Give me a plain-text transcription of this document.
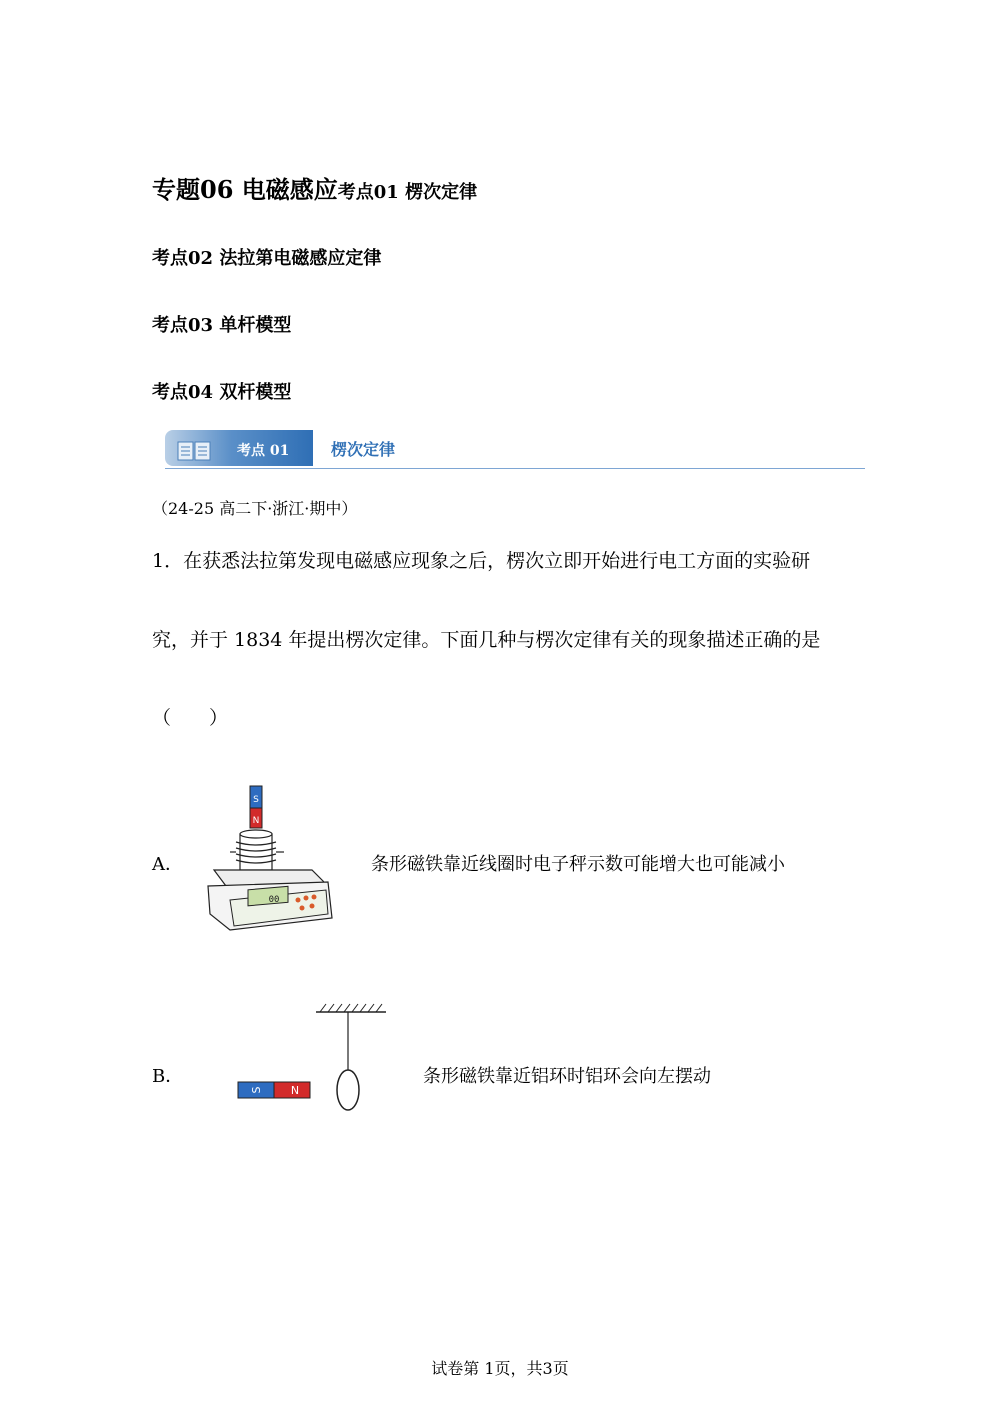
专题06 电磁感应考点01 楞次定律
考点02 法拉第电磁感应定律
考点03 单杆模型
考点04 双杆模型
考点 01	楞次定律
（24-25 高二下·浙江·期中）
1．在获悉法拉第发现电磁感应现象之后，楞次立即开始进行电工方面的实验研
究，并于 1834 年提出楞次定律。下面几种与楞次定律有关的现象描述正确的是
（　　）
A．
S
N
00
条形磁铁靠近线圈时电子秤示数可能增大也可能减小
B．
S	N
条形磁铁靠近铝环时铝环会向左摆动
试卷第 1页，共3页
